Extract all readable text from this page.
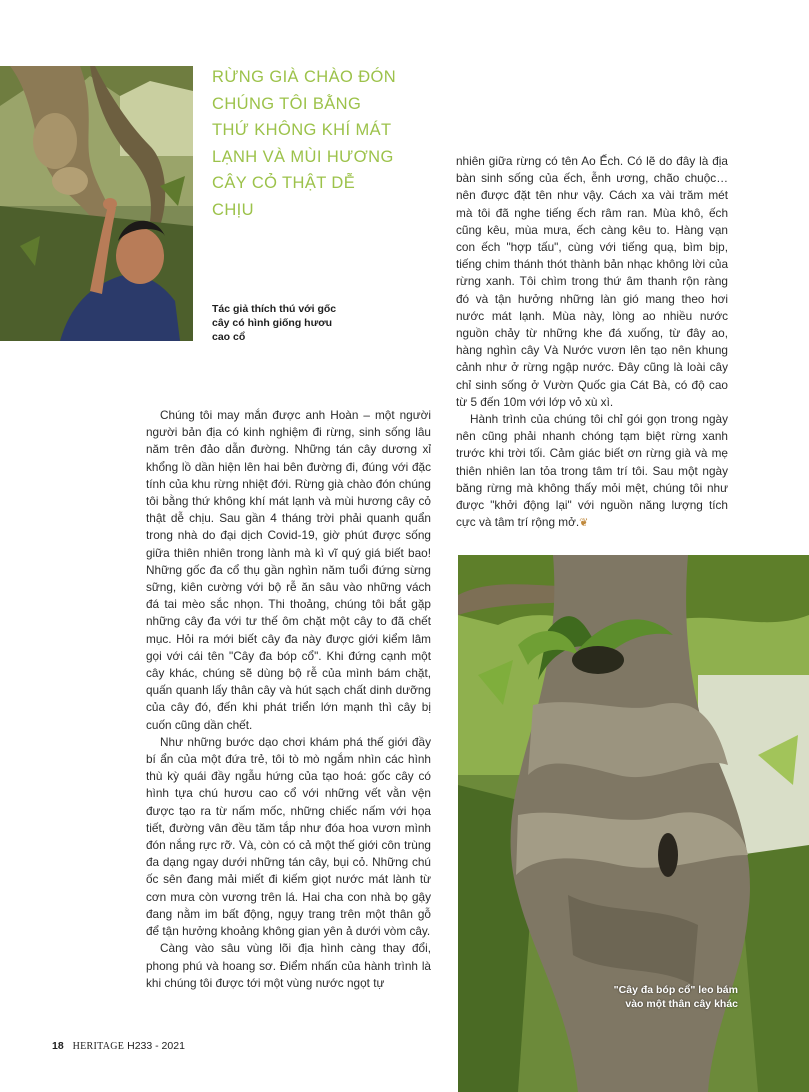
RỪNG GIÀ CHÀO ĐÓN CHÚNG TÔI BẰNG THỨ KHÔNG KHÍ MÁT LẠNH VÀ MÙI HƯƠNG CÂY CỎ THẬT DỄ CHỊU
Tác giả thích thú với gốc cây có hình giống hươu cao cổ

nhiên giữa rừng có tên Ao Ếch. Có lẽ do đây là địa bàn sinh sống của ếch, ễnh ương, chão chuộc… nên được đặt tên như vậy. Cách xa vài trăm mét mà tôi đã nghe tiếng ếch râm ran. Mùa khô, ếch cũng kêu, mùa mưa, ếch càng kêu to. Hàng vạn con ếch "hợp tấu", cùng với tiếng quạ, bìm bịp, tiếng chim thánh thót thành bản nhạc không lời của rừng xanh. Tôi chìm trong thứ âm thanh rộn ràng đó và tận hưởng những làn gió mang theo hơi nước mát lạnh. Mùa này, lòng ao nhiều nước nguồn chảy từ những khe đá xuống, từ đây ao, hàng nghìn cây Và Nước vươn lên tạo nên khung cảnh như ở rừng ngập nước. Đây cũng là loài cây chỉ sinh sống ở Vườn Quốc gia Cát Bà, có độ cao từ 5 đến 10m với lớp vỏ xù xì.

Hành trình của chúng tôi chỉ gói gọn trong ngày nên cũng phải nhanh chóng tạm biệt rừng xanh trước khi trời tối. Cảm giác biết ơn rừng già và mẹ thiên nhiên lan tỏa trong tâm trí tôi. Sau một ngày băng rừng mà không thấy mỏi mệt, chúng tôi như được "khởi động lại" với nguồn năng lượng tích cực và tâm trí rộng mở.❦

Chúng tôi may mắn được anh Hoàn – một người người bản địa có kinh nghiệm đi rừng, sinh sống lâu năm trên đảo dẫn đường. Những tán cây dương xỉ khổng lồ dần hiện lên hai bên đường đi, đúng với đặc tính của khu rừng nhiệt đới. Rừng già chào đón chúng tôi bằng thứ không khí mát lạnh và mùi hương cây cỏ thật dễ chịu. Sau gần 4 tháng trời phải quanh quẩn trong nhà do đại dịch Covid-19, giờ phút được sống giữa thiên nhiên trong lành mà kì vĩ quý giá biết bao! Những gốc đa cổ thụ gần nghìn năm tuổi đứng sừng sững, kiên cường với bộ rễ ăn sâu vào những vách đá tai mèo sắc nhọn. Thi thoảng, chúng tôi bắt gặp những cây đa với tư thế ôm chặt một cây to đã chết mục. Hỏi ra mới biết cây đa này được giới kiểm lâm gọi với cái tên "Cây đa bóp cổ". Khi đứng cạnh một cây khác, chúng sẽ dùng bộ rễ của mình bám chặt, quấn quanh lấy thân cây và hút sạch chất dinh dưỡng của cây đó, đến khi phát triển lớn mạnh thì cây bị cuốn cũng dần chết.

Như những bước dạo chơi khám phá thế giới đầy bí ẩn của một đứa trẻ, tôi tò mò ngắm nhìn các hình thù kỳ quái đầy ngẫu hứng của tạo hoá: gốc cây có hình tựa chú hươu cao cổ với những vết vằn vện được tạo ra từ nấm mốc, những chiếc nấm với họa tiết, đường vân đều tăm tắp như đóa hoa vươn mình đón nắng rực rỡ. Và, còn có cả một thế giới côn trùng đa dạng ngay dưới những tán cây, bụi cỏ. Những chú ốc sên đang mải miết đi kiếm giọt nước mát lành từ cơn mưa còn vương trên lá. Hai cha con nhà bọ gậy đang nằm im bất động, ngụy trang trên một thân gỗ để tận hưởng khoảng không gian yên ả dưới vòm cây.

Càng vào sâu vùng lõi địa hình càng thay đổi, phong phú và hoang sơ. Điểm nhấn của hành trình là khi chúng tôi được tới một vùng nước ngọt tự

"Cây đa bóp cổ" leo bám vào một thân cây khác
18 HERITAGE H233 - 2021
